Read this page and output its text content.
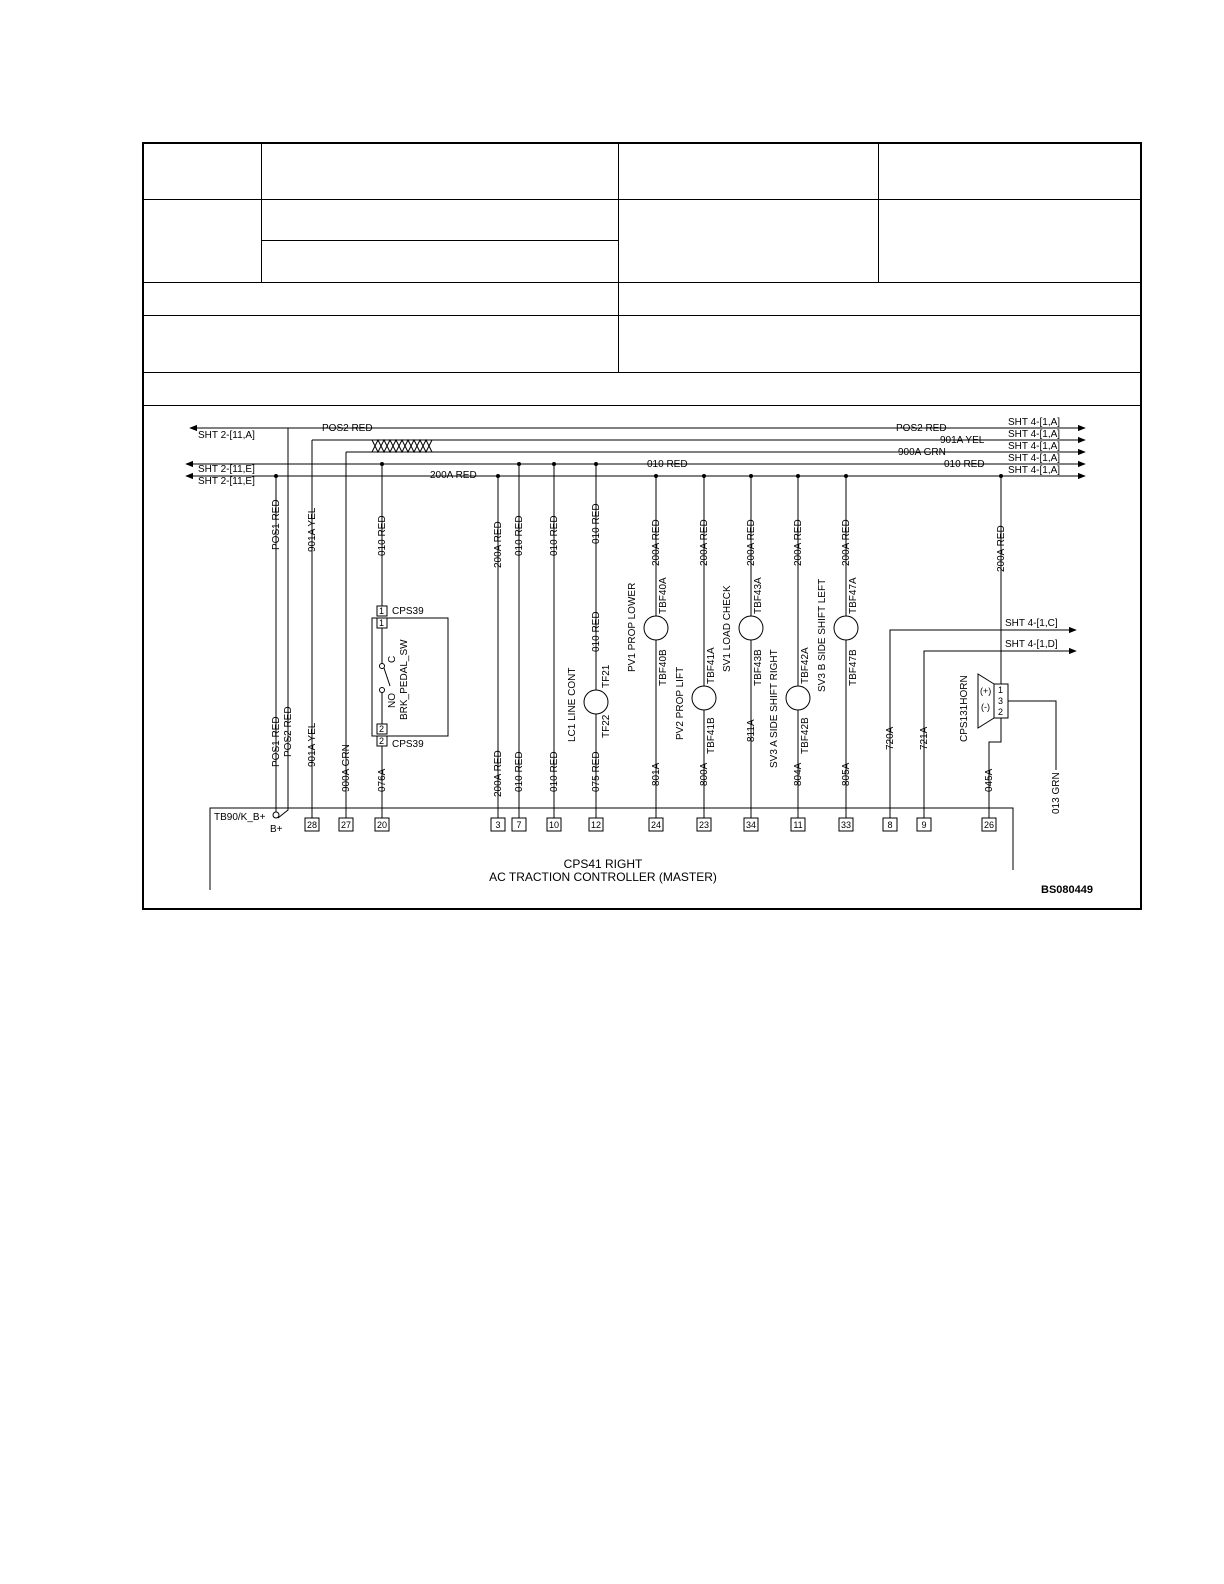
28	27	20	3 7	10	12	24	23	34	11	33	8	9	26
SHT 2-[11,A]
SHT 2-[11,E]
SHT 2-[11,E]
POS2 RED
200A RED
010 RED
POS2 RED
901A YEL
900A GRN
010 RED
SHT 4-[1,A]
SHT 4-[1,A]
SHT 4-[1,A]
SHT 4-[1,A]
SHT 4-[1,A]
SHT 4-[1,C]
SHT 4-[1,D]
CPS39
CPS39
1
1
2
2
(+)
(-)
1
3
2
TB90/K_B+
B+
CPS41 RIGHT
AC TRACTION CONTROLLER (MASTER)
BS080449
POS1 RED
POS1 RED POS2 RED
901A YEL
901A YEL 900A GRN
010 RED
BRK_PEDAL_SW
C
NO
076A
200A RED
200A RED
010 RED
010 RED
010 RED
010 RED
LC1 LINE CONT
010 RED
010 RED
TF21
TF22
075 RED
PV1 PROP LOWER
200A RED
TBF40A
TBF40B
801A
PV2 PROP LIFT
200A RED
TBF41A
TBF41B
800A
SV1 LOAD CHECK
200A RED
TBF43A
TBF43B
811A SV3 A SIDE SHIFT RIGHT
200A RED
TBF42A
TBF42B
804A
SV3 B SIDE SHIFT LEFT
200A RED
TBF47A
TBF47B
805A
720A 721A	CPS131HORN
200A RED
045A	013 GRN
